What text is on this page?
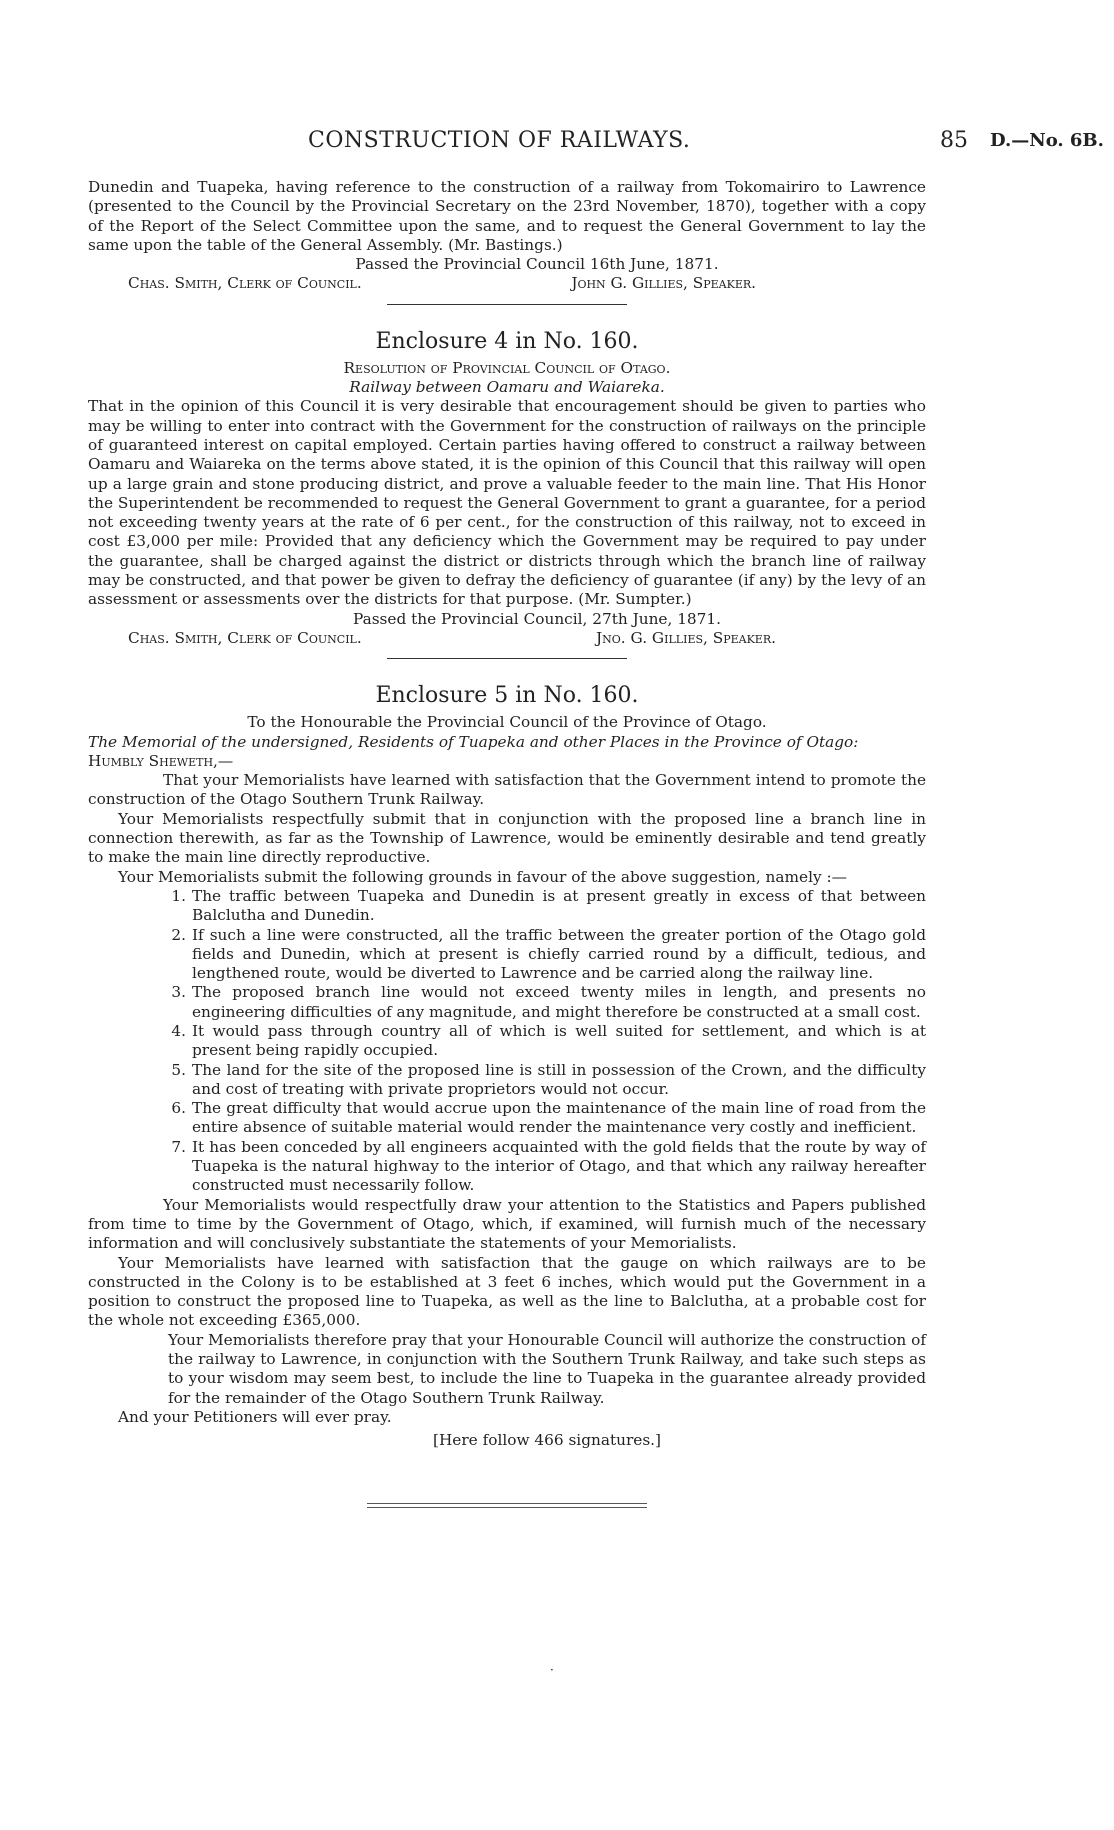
CONSTRUCTION OF RAILWAYS.	85 D.—No. 6B.

Dunedin and Tuapeka, having reference to the construction of a railway from Tokomairiro to Lawrence (presented to the Council by the Provincial Secretary on the 23rd November, 1870), together with a copy of the Report of the Select Committee upon the same, and to request the General Government to lay the same upon the table of the General Assembly. (Mr. Bastings.)

Passed the Provincial Council 16th June, 1871.

Chas. Smith, Clerk of Council.	John G. Gillies, Speaker.
Enclosure 4 in No. 160.
Resolution of Provincial Council of Otago.
Railway between Oamaru and Waiareka.

That in the opinion of this Council it is very desirable that encouragement should be given to parties who may be willing to enter into contract with the Government for the construction of railways on the principle of guaranteed interest on capital employed. Certain parties having offered to construct a railway between Oamaru and Waiareka on the terms above stated, it is the opinion of this Council that this railway will open up a large grain and stone producing district, and prove a valuable feeder to the main line. That His Honor the Superintendent be recommended to request the General Government to grant a guarantee, for a period not exceeding twenty years at the rate of 6 per cent., for the construction of this railway, not to exceed in cost £3,000 per mile: Provided that any deficiency which the Government may be required to pay under the guarantee, shall be charged against the district or districts through which the branch line of railway may be constructed, and that power be given to defray the deficiency of guarantee (if any) by the levy of an assessment or assessments over the districts for that purpose. (Mr. Sumpter.)

Passed the Provincial Council, 27th June, 1871.

Chas. Smith, Clerk of Council.	Jno. G. Gillies, Speaker.
Enclosure 5 in No. 160.
To the Honourable the Provincial Council of the Province of Otago.

The Memorial of the undersigned, Residents of Tuapeka and other Places in the Province of Otago:

Humbly Sheweth,—

That your Memorialists have learned with satisfaction that the Government intend to promote the construction of the Otago Southern Trunk Railway.

Your Memorialists respectfully submit that in conjunction with the proposed line a branch line in connection therewith, as far as the Township of Lawrence, would be eminently desirable and tend greatly to make the main line directly reproductive.

Your Memorialists submit the following grounds in favour of the above suggestion, namely :—

1. The traffic between Tuapeka and Dunedin is at present greatly in excess of that between Balclutha and Dunedin.
2. If such a line were constructed, all the traffic between the greater portion of the Otago gold fields and Dunedin, which at present is chiefly carried round by a difficult, tedious, and lengthened route, would be diverted to Lawrence and be carried along the railway line.
3. The proposed branch line would not exceed twenty miles in length, and presents no engineering difficulties of any magnitude, and might therefore be constructed at a small cost.
4. It would pass through country all of which is well suited for settlement, and which is at present being rapidly occupied.
5. The land for the site of the proposed line is still in possession of the Crown, and the difficulty and cost of treating with private proprietors would not occur.
6. The great difficulty that would accrue upon the maintenance of the main line of road from the entire absence of suitable material would render the maintenance very costly and inefficient.
7. It has been conceded by all engineers acquainted with the gold fields that the route by way of Tuapeka is the natural highway to the interior of Otago, and that which any railway hereafter constructed must necessarily follow.

Your Memorialists would respectfully draw your attention to the Statistics and Papers published from time to time by the Government of Otago, which, if examined, will furnish much of the necessary information and will conclusively substantiate the statements of your Memorialists.

Your Memorialists have learned with satisfaction that the gauge on which railways are to be constructed in the Colony is to be established at 3 feet 6 inches, which would put the Government in a position to construct the proposed line to Tuapeka, as well as the line to Balclutha, at a probable cost for the whole not exceeding £365,000.

Your Memorialists therefore pray that your Honourable Council will authorize the construction of the railway to Lawrence, in conjunction with the Southern Trunk Railway, and take such steps as to your wisdom may seem best, to include the line to Tuapeka in the guarantee already provided for the remainder of the Otago Southern Trunk Railway.

And your Petitioners will ever pray.

[Here follow 466 signatures.]
·
